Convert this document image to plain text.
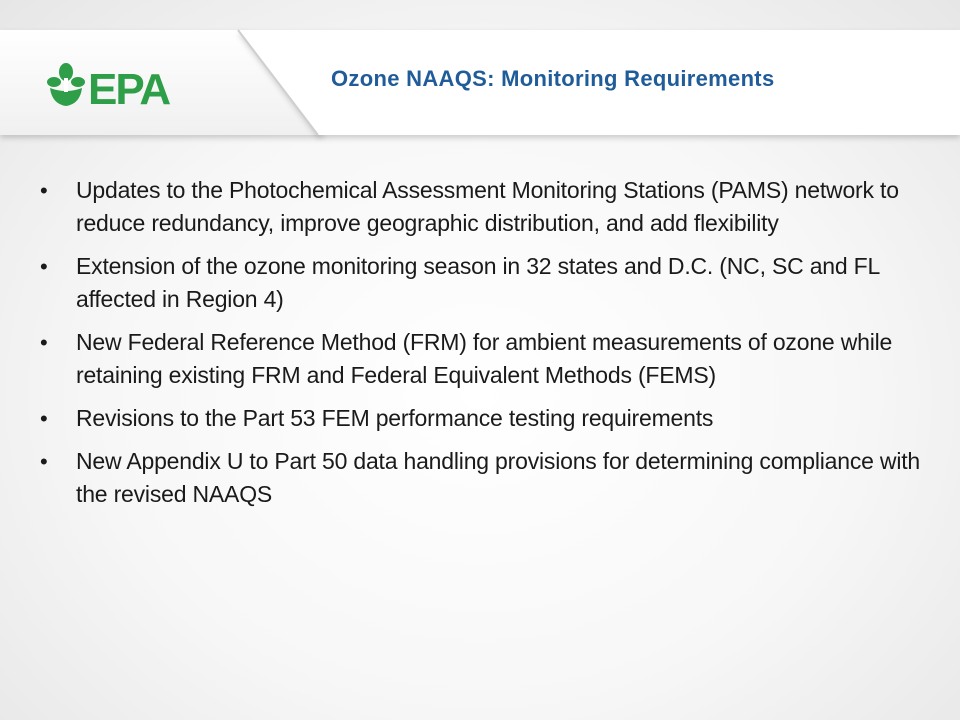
EPA	Ozone NAAQS: Monitoring Requirements
• Updates to the Photochemical Assessment Monitoring Stations (PAMS) network to reduce redundancy, improve geographic distribution, and add flexibility
• Extension of the ozone monitoring season in 32 states and D.C. (NC, SC and FL affected in Region 4)
• New Federal Reference Method (FRM) for ambient measurements of ozone while retaining existing FRM and Federal Equivalent Methods (FEMS)
• Revisions to the Part 53 FEM performance testing requirements
• New Appendix U to Part 50 data handling provisions for determining compliance with the revised NAAQS
